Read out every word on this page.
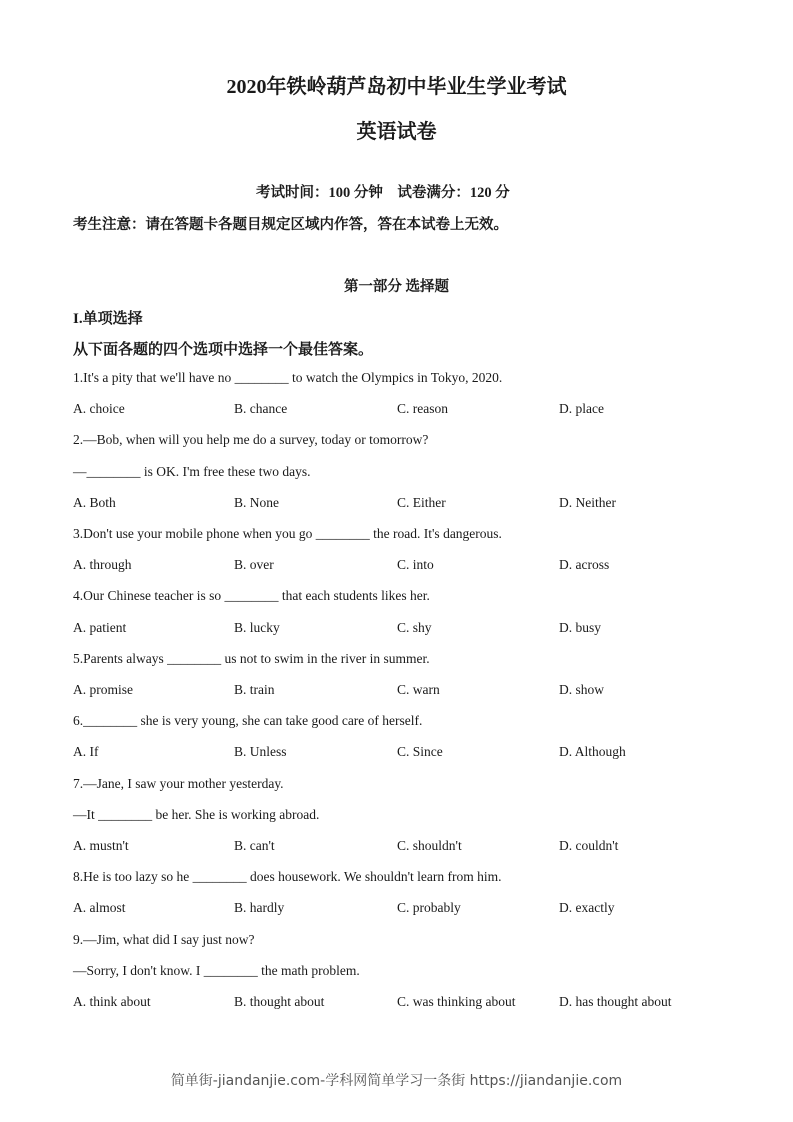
2020年铁岭葫芦岛初中毕业生学业考试
英语试卷
考试时间：100 分钟　试卷满分：120 分
考生注意：请在答题卡各题目规定区域内作答，答在本试卷上无效。
第一部分 选择题
I.单项选择
从下面各题的四个选项中选择一个最佳答案。
1.It's a pity that we'll have no ________ to watch the Olympics in Tokyo, 2020.
A. choice	B. chance	C. reason	D. place
2.—Bob, when will you help me do a survey, today or tomorrow?
—________ is OK. I'm free these two days.
A. Both	B. None	C. Either	D. Neither
3.Don't use your mobile phone when you go ________ the road. It's dangerous.
A. through	B. over	C. into	D. across
4.Our Chinese teacher is so ________ that each students likes her.
A. patient	B. lucky	C. shy	D. busy
5.Parents always ________ us not to swim in the river in summer.
A. promise	B. train	C. warn	D. show
6.________ she is very young, she can take good care of herself.
A. If	B. Unless	C. Since	D. Although
7.—Jane, I saw your mother yesterday.
—It ________ be her. She is working abroad.
A. mustn't	B. can't	C. shouldn't	D. couldn't
8.He is too lazy so he ________ does housework. We shouldn't learn from him.
A. almost	B. hardly	C. probably	D. exactly
9.—Jim, what did I say just now?
—Sorry, I don't know. I ________ the math problem.
A. think about	B. thought about	C. was thinking about	D. has thought about
简单街-jiandanjie.com-学科网简单学习一条街 https://jiandanjie.com
